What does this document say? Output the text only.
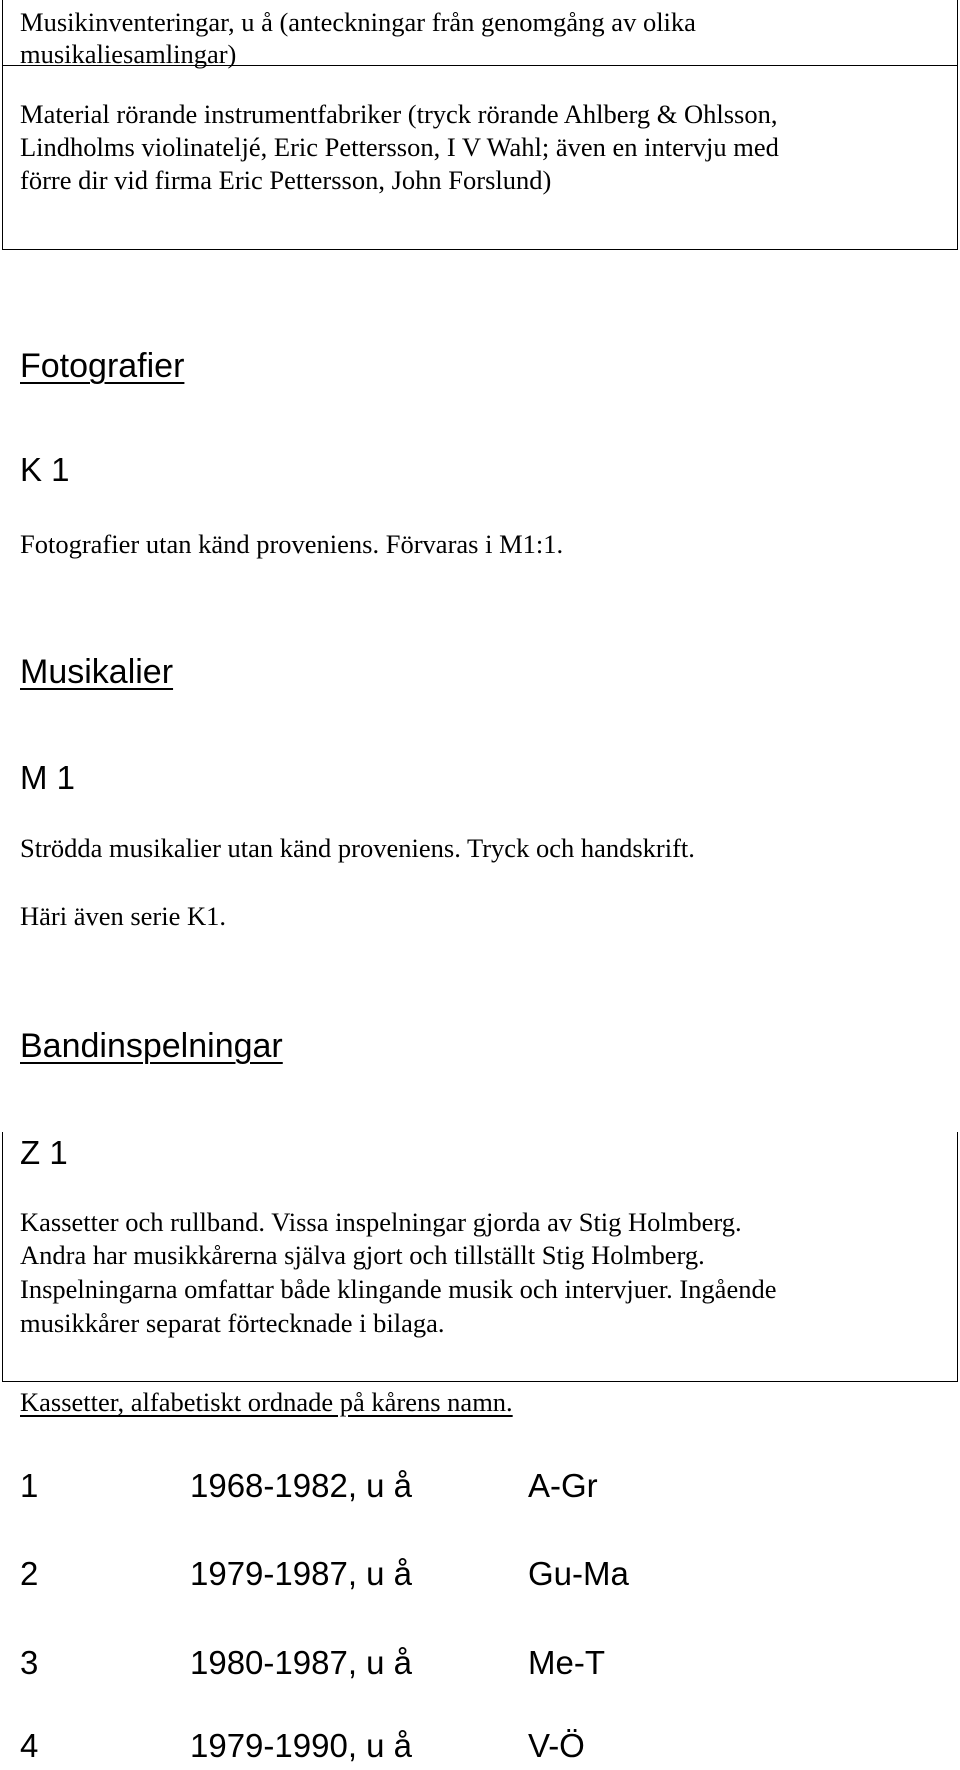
Musikinventeringar, u å (anteckningar från genomgång av olika
musikaliesamlingar)
Material rörande instrumentfabriker (tryck rörande Ahlberg & Ohlsson,
Lindholms violinateljé, Eric Pettersson, I V Wahl; även en intervju med
förre dir vid firma Eric Pettersson, John Forslund)
Fotografier
K 1
Fotografier utan känd proveniens. Förvaras i M1:1.
Musikalier
M 1
Strödda musikalier utan känd proveniens. Tryck och handskrift.
Häri även serie K1.
Bandinspelningar
Z 1
Kassetter och rullband. Vissa inspelningar gjorda av Stig Holmberg.
Andra har musikkårerna själva gjort och tillställt Stig Holmberg.
Inspelningarna omfattar både klingande musik och intervjuer. Ingående
musikkårer separat förtecknade i bilaga.
Kassetter, alfabetiskt ordnade på kårens namn.
1	1968-1982, u å	A-Gr
2	1979-1987, u å	Gu-Ma
3	1980-1987, u å	Me-T
4	1979-1990, u å	V-Ö
